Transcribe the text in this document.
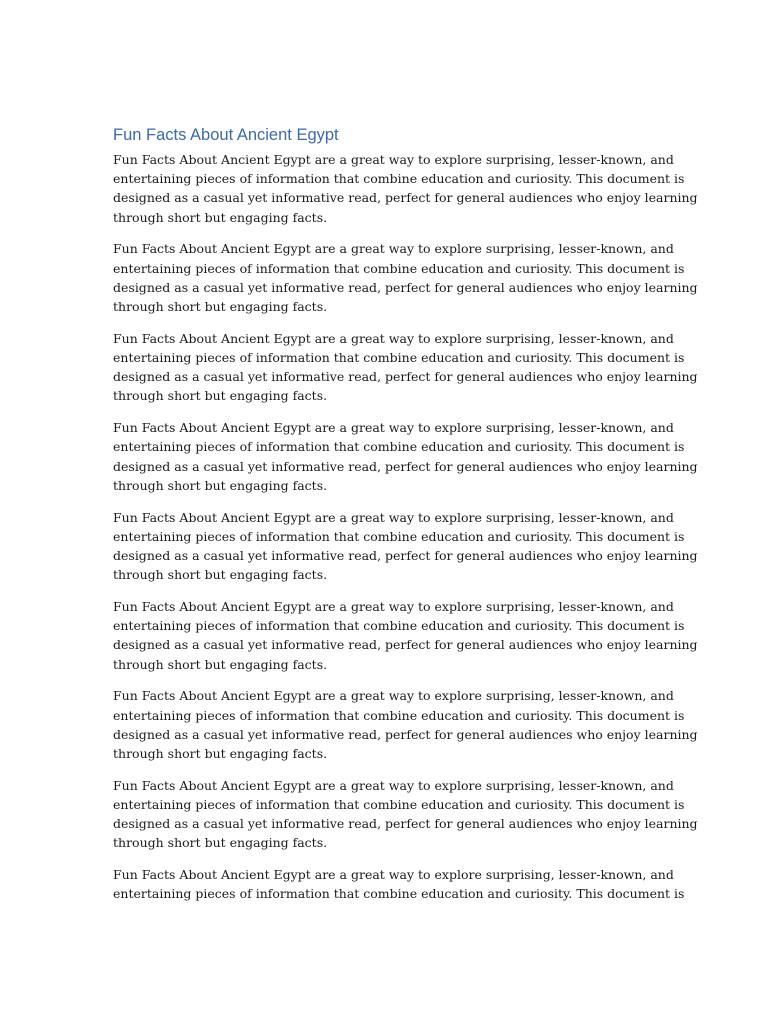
Fun Facts About Ancient Egypt

Fun Facts About Ancient Egypt are a great way to explore surprising, lesser-known, and
entertaining pieces of information that combine education and curiosity. This document is
designed as a casual yet informative read, perfect for general audiences who enjoy learning
through short but engaging facts.

Fun Facts About Ancient Egypt are a great way to explore surprising, lesser-known, and
entertaining pieces of information that combine education and curiosity. This document is
designed as a casual yet informative read, perfect for general audiences who enjoy learning
through short but engaging facts.

Fun Facts About Ancient Egypt are a great way to explore surprising, lesser-known, and
entertaining pieces of information that combine education and curiosity. This document is
designed as a casual yet informative read, perfect for general audiences who enjoy learning
through short but engaging facts.

Fun Facts About Ancient Egypt are a great way to explore surprising, lesser-known, and
entertaining pieces of information that combine education and curiosity. This document is
designed as a casual yet informative read, perfect for general audiences who enjoy learning
through short but engaging facts.

Fun Facts About Ancient Egypt are a great way to explore surprising, lesser-known, and
entertaining pieces of information that combine education and curiosity. This document is
designed as a casual yet informative read, perfect for general audiences who enjoy learning
through short but engaging facts.

Fun Facts About Ancient Egypt are a great way to explore surprising, lesser-known, and
entertaining pieces of information that combine education and curiosity. This document is
designed as a casual yet informative read, perfect for general audiences who enjoy learning
through short but engaging facts.

Fun Facts About Ancient Egypt are a great way to explore surprising, lesser-known, and
entertaining pieces of information that combine education and curiosity. This document is
designed as a casual yet informative read, perfect for general audiences who enjoy learning
through short but engaging facts.

Fun Facts About Ancient Egypt are a great way to explore surprising, lesser-known, and
entertaining pieces of information that combine education and curiosity. This document is
designed as a casual yet informative read, perfect for general audiences who enjoy learning
through short but engaging facts.

Fun Facts About Ancient Egypt are a great way to explore surprising, lesser-known, and
entertaining pieces of information that combine education and curiosity. This document is
